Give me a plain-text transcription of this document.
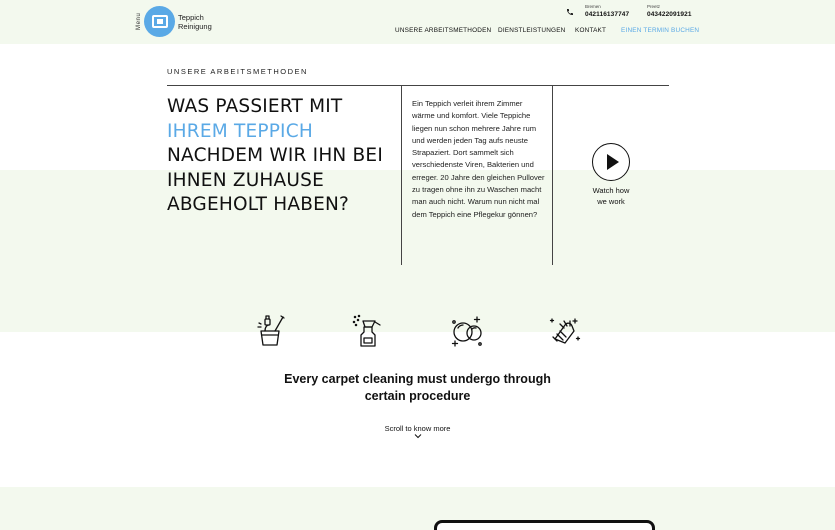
Menu	Teppich
Reinigung
Bremen
042116137747
Preetz
043422091921
UNSERE ARBEITSMETHODEN DIENSTLEISTUNGEN KONTAKT EINEN TERMIN BUCHEN
UNSERE ARBEITSMETHODEN
WAS PASSIERT MIT
IHREM TEPPICH
NACHDEM WIR IHN BEI
IHNEN ZUHAUSE
ABGEHOLT HABEN?

Ein Teppich verleit ihrem Zimmer wärme und komfort. Viele Teppiche liegen nun schon mehrere Jahre rum und werden jeden Tag aufs neuste Strapaziert. Dort sammelt sich verschiedenste Viren, Bakterien und erreger. 20 Jahre den gleichen Pullover zu tragen ohne ihn zu Waschen macht man auch nicht. Warum nun nicht mal dem Teppich eine Pflegekur gönnen?

Watch how
we work
Every carpet cleaning must undergo through
certain procedure
Scroll to know more
